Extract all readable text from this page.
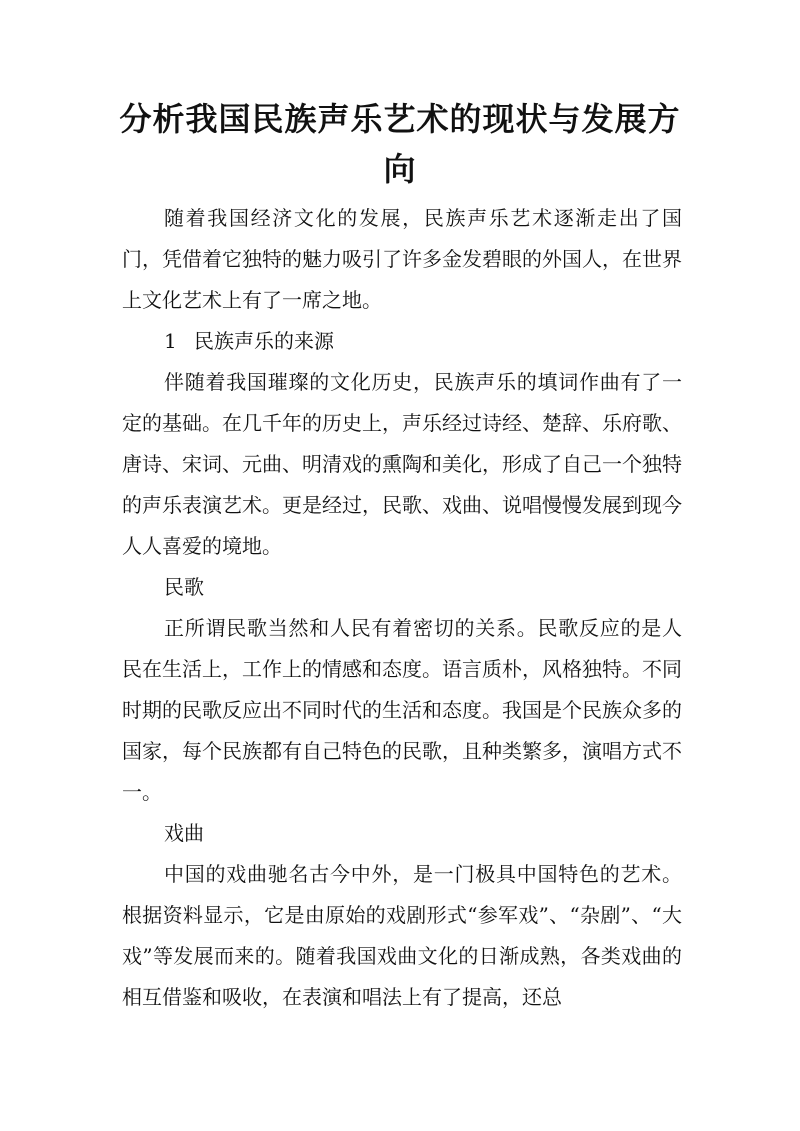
分析我国民族声乐艺术的现状与发展方向

随着我国经济文化的发展，民族声乐艺术逐渐走出了国门，凭借着它独特的魅力吸引了许多金发碧眼的外国人，在世界上文化艺术上有了一席之地。

1 民族声乐的来源

伴随着我国璀璨的文化历史，民族声乐的填词作曲有了一定的基础。在几千年的历史上，声乐经过诗经、楚辞、乐府歌、唐诗、宋词、元曲、明清戏的熏陶和美化，形成了自己一个独特的声乐表演艺术。更是经过，民歌、戏曲、说唱慢慢发展到现今人人喜爱的境地。

民歌

正所谓民歌当然和人民有着密切的关系。民歌反应的是人民在生活上，工作上的情感和态度。语言质朴，风格独特。不同时期的民歌反应出不同时代的生活和态度。我国是个民族众多的国家，每个民族都有自己特色的民歌，且种类繁多，演唱方式不一。

戏曲

中国的戏曲驰名古今中外，是一门极具中国特色的艺术。根据资料显示，它是由原始的戏剧形式“参军戏”、“杂剧”、“大戏”等发展而来的。随着我国戏曲文化的日渐成熟，各类戏曲的相互借鉴和吸收，在表演和唱法上有了提高，还总
